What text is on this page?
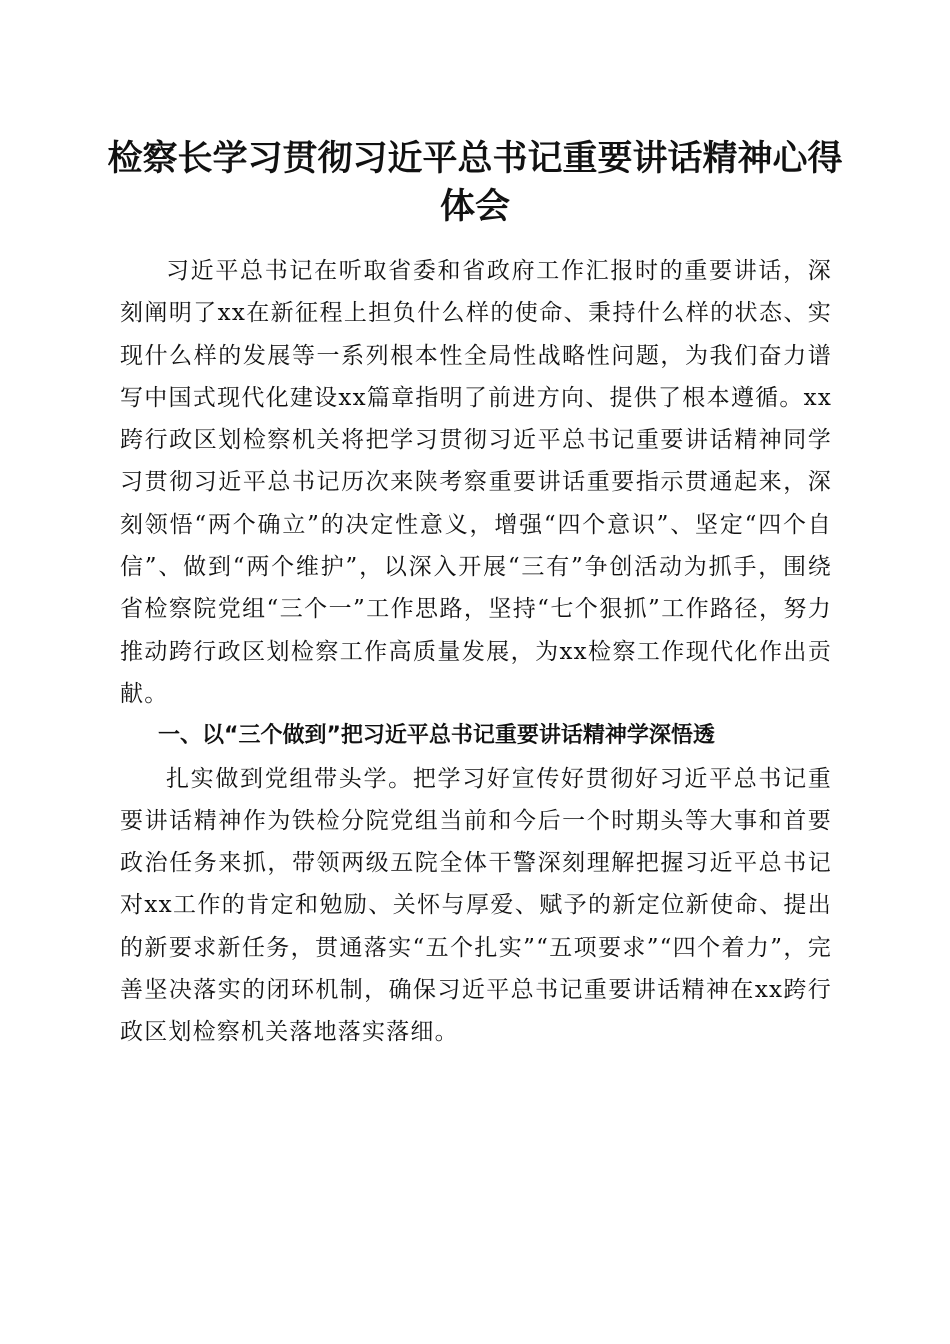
检察长学习贯彻习近平总书记重要讲话精神心得体会

习近平总书记在听取省委和省政府工作汇报时的重要讲话，深刻阐明了xx在新征程上担负什么样的使命、秉持什么样的状态、实现什么样的发展等一系列根本性全局性战略性问题，为我们奋力谱写中国式现代化建设xx篇章指明了前进方向、提供了根本遵循。xx跨行政区划检察机关将把学习贯彻习近平总书记重要讲话精神同学习贯彻习近平总书记历次来陕考察重要讲话重要指示贯通起来，深刻领悟“两个确立”的决定性意义，增强“四个意识”、坚定“四个自信”、做到“两个维护”，以深入开展“三有”争创活动为抓手，围绕省检察院党组“三个一”工作思路，坚持“七个狠抓”工作路径，努力推动跨行政区划检察工作高质量发展，为xx检察工作现代化作出贡献。

一、以“三个做到”把习近平总书记重要讲话精神学深悟透

扎实做到党组带头学。把学习好宣传好贯彻好习近平总书记重要讲话精神作为铁检分院党组当前和今后一个时期头等大事和首要政治任务来抓，带领两级五院全体干警深刻理解把握习近平总书记对xx工作的肯定和勉励、关怀与厚爱、赋予的新定位新使命、提出的新要求新任务，贯通落实“五个扎实”“五项要求”“四个着力”，完善坚决落实的闭环机制，确保习近平总书记重要讲话精神在xx跨行政区划检察机关落地落实落细。
